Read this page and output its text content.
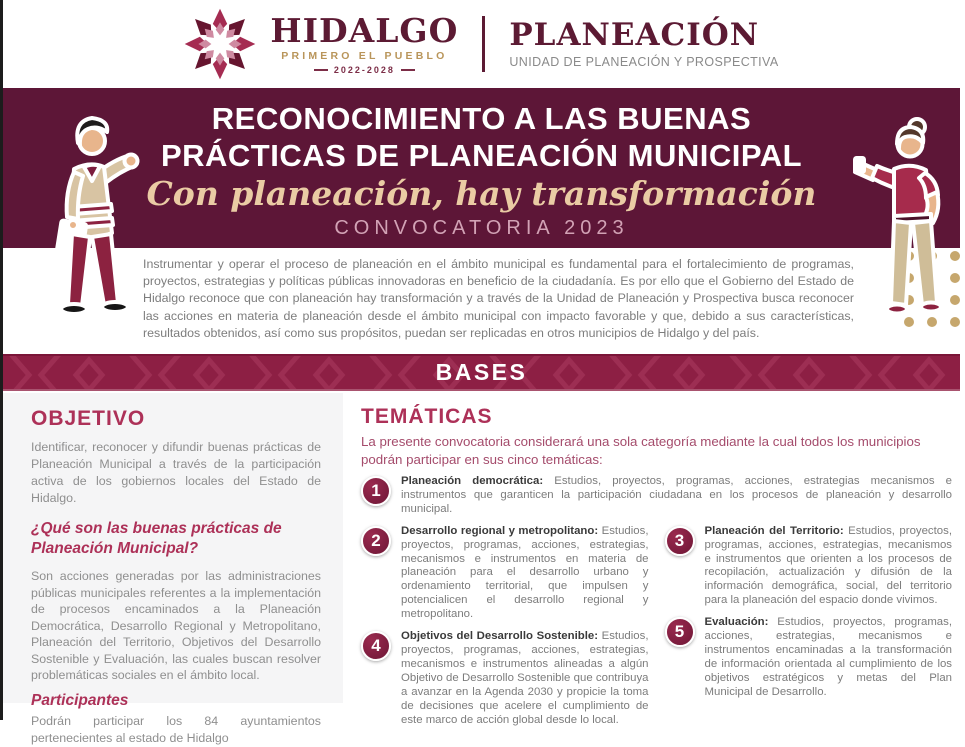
HIDALGO
PRIMERO EL PUEBLO
2022-2028
PLANEACIÓN
UNIDAD DE PLANEACIÓN Y PROSPECTIVA
RECONOCIMIENTO A LAS BUENAS
PRÁCTICAS DE PLANEACIÓN MUNICIPAL
Con planeación, hay transformación
CONVOCATORIA 2023

Instrumentar y operar el proceso de planeación en el ámbito municipal es fundamental para el fortalecimiento de programas, proyectos, estrategias y políticas públicas innovadoras en beneficio de la ciudadanía. Es por ello que el Gobierno del Estado de Hidalgo reconoce que con planeación hay transformación y a través de la Unidad de Planeación y Prospectiva busca reconocer las acciones en materia de planeación desde el ámbito municipal con impacto favorable y que, debido a sus características, resultados obtenidos, así como sus propósitos, puedan ser replicadas en otros municipios de Hidalgo y del país.

BASES
OBJETIVO

Identificar, reconocer y difundir buenas prácticas de Planeación Municipal a través de la participación activa de los gobiernos locales del Estado de Hidalgo.

¿Qué son las buenas prácticas de Planeación Municipal?

Son acciones generadas por las administraciones públicas municipales referentes a la implementación de procesos encaminados a la Planeación Democrática, Desarrollo Regional y Metropolitano, Planeación del Territorio, Objetivos del Desarrollo Sostenible y Evaluación, las cuales buscan resolver problemáticas sociales en el ámbito local.

Participantes

Podrán participar los 84 ayuntamientos pertenecientes al estado de Hidalgo

TEMÁTICAS

La presente convocatoria considerará una sola categoría mediante la cual todos los municipios podrán participar en sus cinco temáticas:

1	Planeación democrática: Estudios, proyectos, programas, acciones, estrategias mecanismos e instrumentos que garanticen la participación ciudadana en los procesos de planeación y desarrollo municipal.

2	Desarrollo regional y metropolitano: Estudios, proyectos, programas, acciones, estrategias, mecanismos e instrumentos en materia de planeación para el desarrollo urbano y ordenamiento territorial, que impulsen y potencialicen el desarrollo regional y metropolitano.

4	Objetivos del Desarrollo Sostenible: Estudios, proyectos, programas, acciones, estrategias, mecanismos e instrumentos alineadas a algún Objetivo de Desarrollo Sostenible que contribuya a avanzar en la Agenda 2030 y propicie la toma de decisiones que acelere el cumplimiento de este marco de acción global desde lo local.

3	Planeación del Territorio: Estudios, proyectos, programas, acciones, estrategias, mecanismos e instrumentos que orienten a los procesos de recopilación, actualización y difusión de la información demográfica, social, del territorio para la planeación del espacio donde vivimos.

5	Evaluación: Estudios, proyectos, programas, acciones, estrategias, mecanismos e instrumentos encaminadas a la transformación de información orientada al cumplimiento de los objetivos estratégicos y metas del Plan Municipal de Desarrollo.
